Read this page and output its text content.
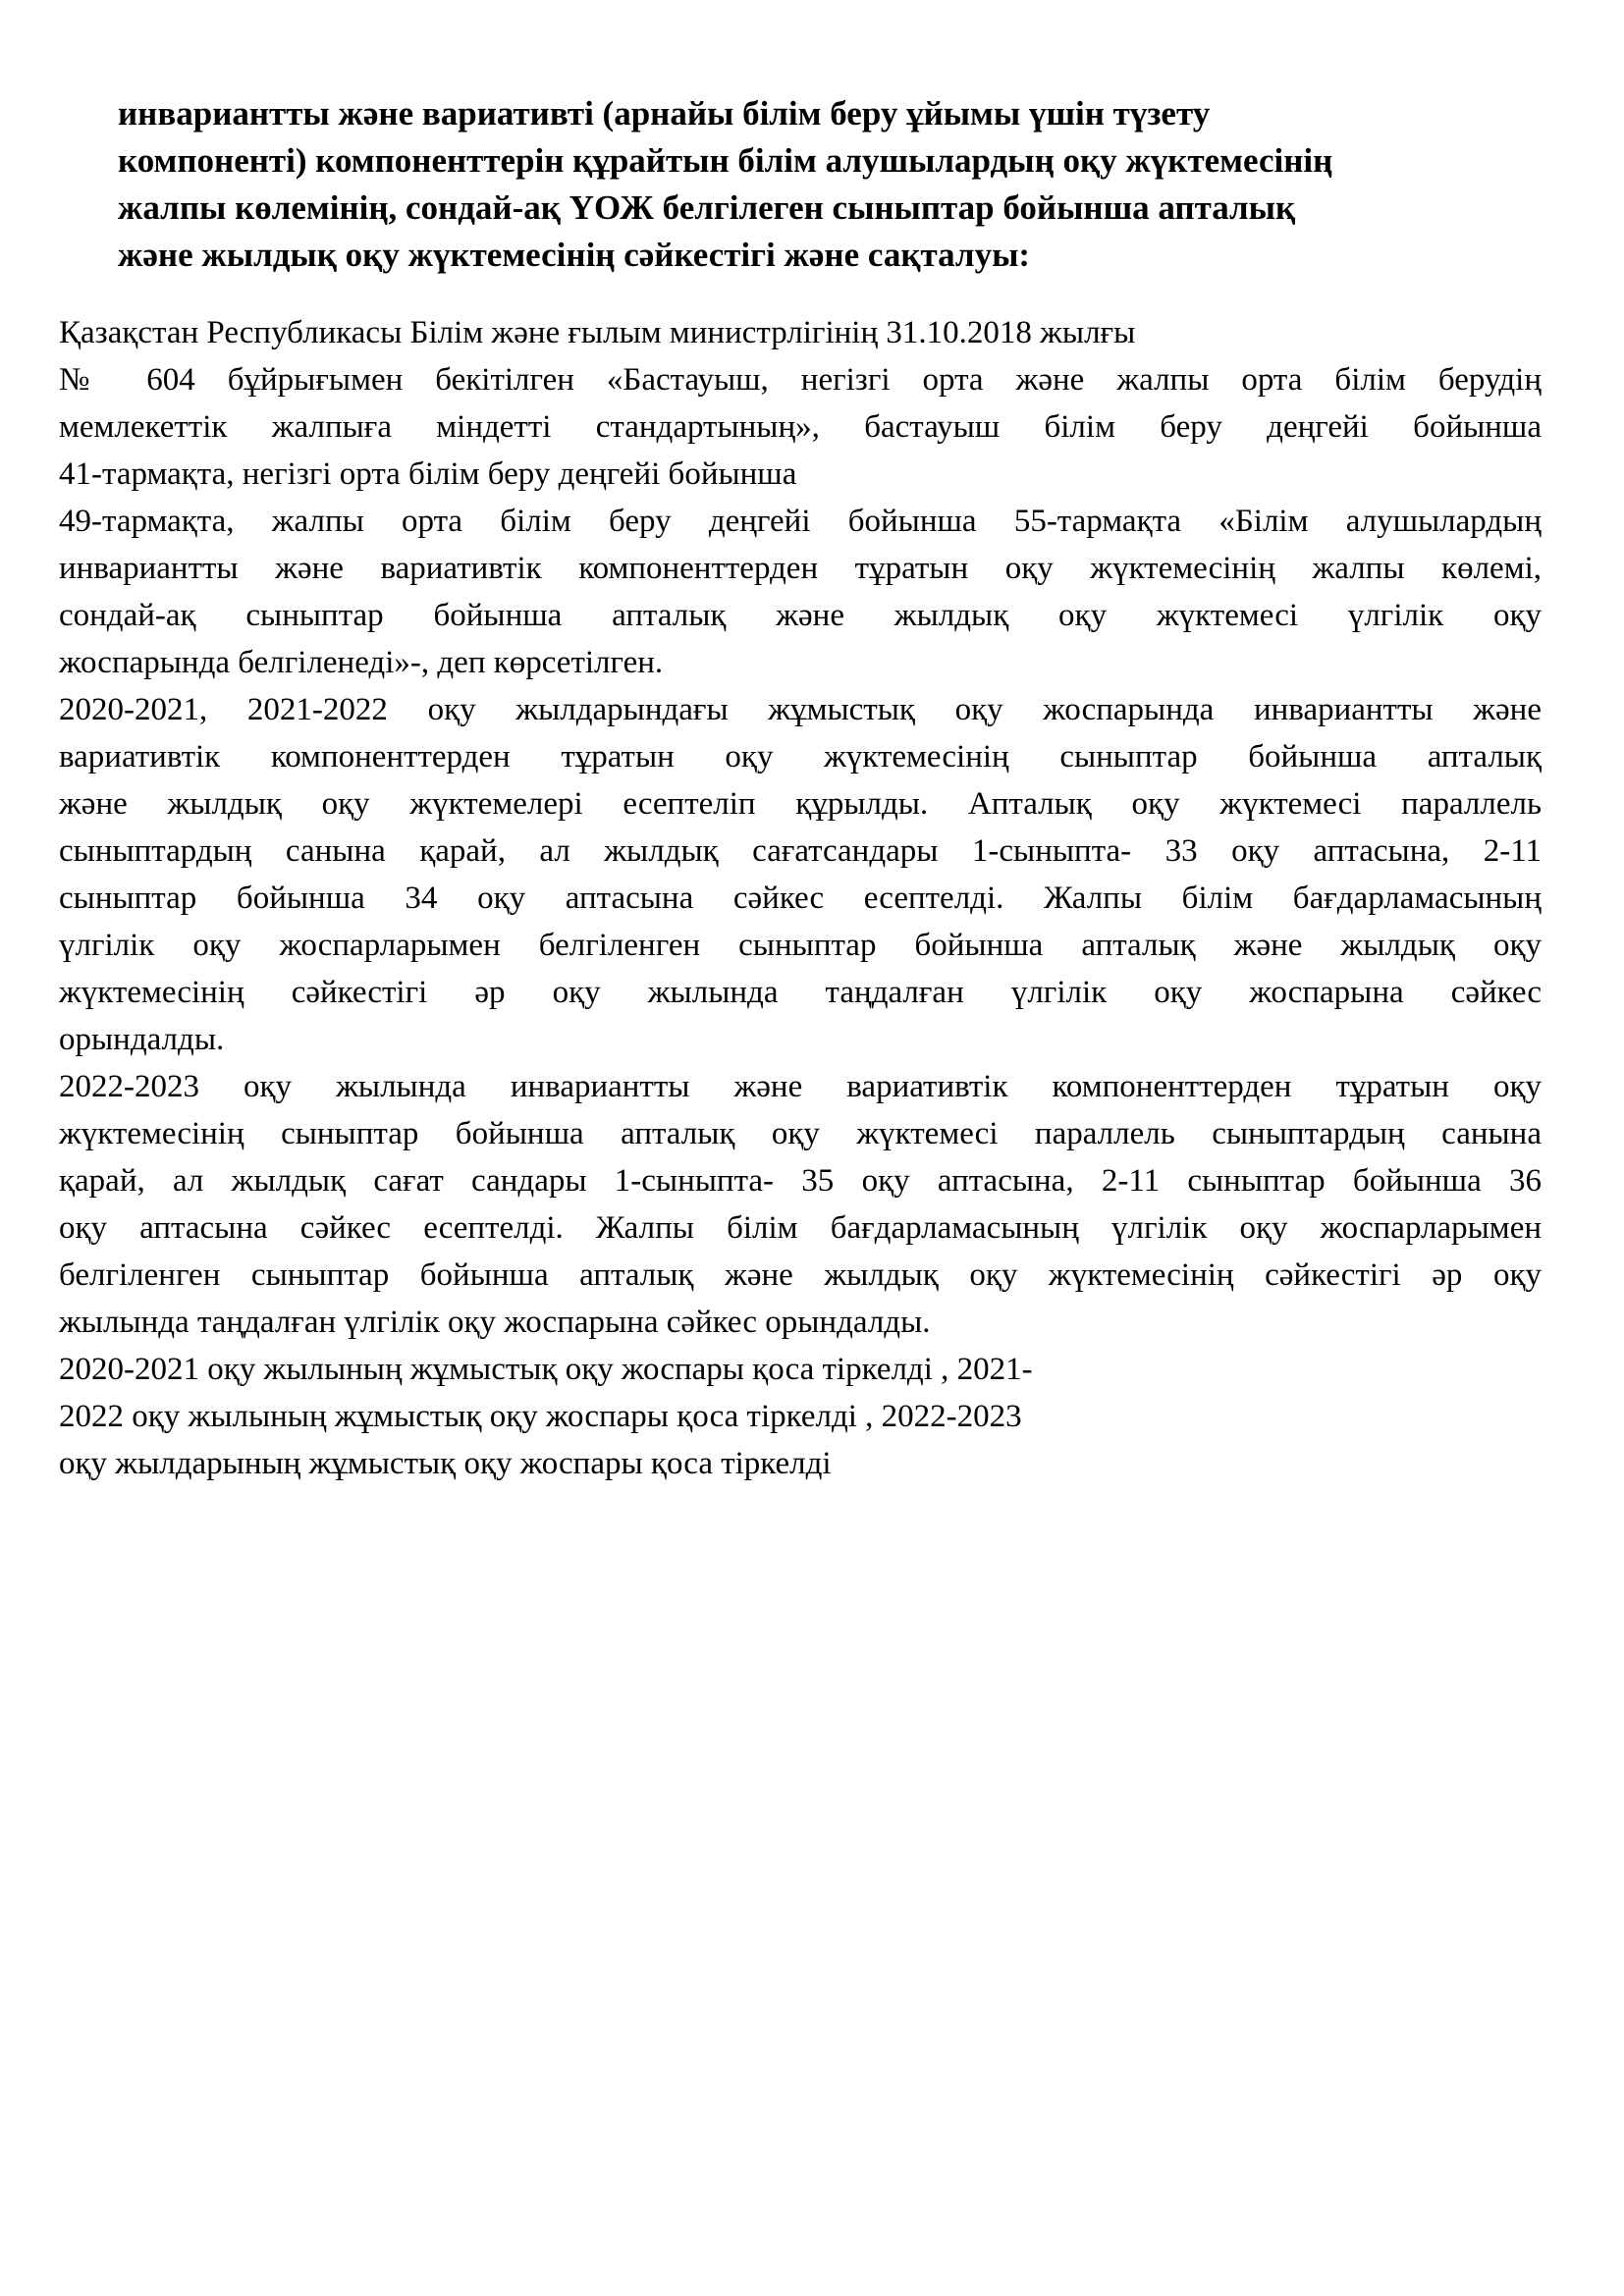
инвариантты және вариативті (арнайы білім беру ұйымы үшін түзету
компоненті) компоненттерін құрайтын білім алушылардың оқу жүктемесінің
жалпы көлемінің, сондай-ақ ҮОЖ белгілеген сыныптар бойынша апталық
және жылдық оқу жүктемесінің сәйкестігі және сақталуы:
Қазақстан Республикасы Білім және ғылым министрлігінің 31.10.2018 жылғы
№ 604 бұйрығымен бекітілген «Бастауыш, негізгі орта және жалпы орта білім берудің
мемлекеттік жалпыға міндетті стандартының», бастауыш білім беру деңгейі бойынша
41-тармақта, негізгі орта білім беру деңгейі бойынша
49-тармақта, жалпы орта білім беру деңгейі бойынша 55-тармақта «Білім алушылардың
инвариантты және вариативтік компоненттерден тұратын оқу жүктемесінің жалпы көлемі,
сондай-ақ сыныптар бойынша апталық және жылдық оқу жүктемесі үлгілік оқу
жоспарында белгіленеді»-, деп көрсетілген.
2020-2021, 2021-2022 оқу жылдарындағы жұмыстық оқу жоспарында инвариантты және
вариативтік компоненттерден тұратын оқу жүктемесінің сыныптар бойынша апталық
және жылдық оқу жүктемелері есептеліп құрылды. Апталық оқу жүктемесі параллель
сыныптардың санына қарай, ал жылдық сағатсандары 1-сыныпта- 33 оқу аптасына, 2-11
сыныптар бойынша 34 оқу аптасына сәйкес есептелді. Жалпы білім бағдарламасының
үлгілік оқу жоспарларымен белгіленген сыныптар бойынша апталық және жылдық оқу
жүктемесінің сәйкестігі әр оқу жылында таңдалған үлгілік оқу жоспарына сәйкес
орындалды.
2022-2023 оқу жылында инвариантты және вариативтік компоненттерден тұратын оқу
жүктемесінің сыныптар бойынша апталық оқу жүктемесі параллель сыныптардың санына
қарай, ал жылдық сағат сандары 1-сыныпта- 35 оқу аптасына, 2-11 сыныптар бойынша 36
оқу аптасына сәйкес есептелді. Жалпы білім бағдарламасының үлгілік оқу жоспарларымен
белгіленген сыныптар бойынша апталық және жылдық оқу жүктемесінің сәйкестігі әр оқу
жылында таңдалған үлгілік оқу жоспарына сәйкес орындалды.
2020-2021 оқу жылының жұмыстық оқу жоспары қоса тіркелді , 2021-
2022 оқу жылының жұмыстық оқу жоспары қоса тіркелді , 2022-2023
оқу жылдарының жұмыстық оқу жоспары қоса тіркелді
